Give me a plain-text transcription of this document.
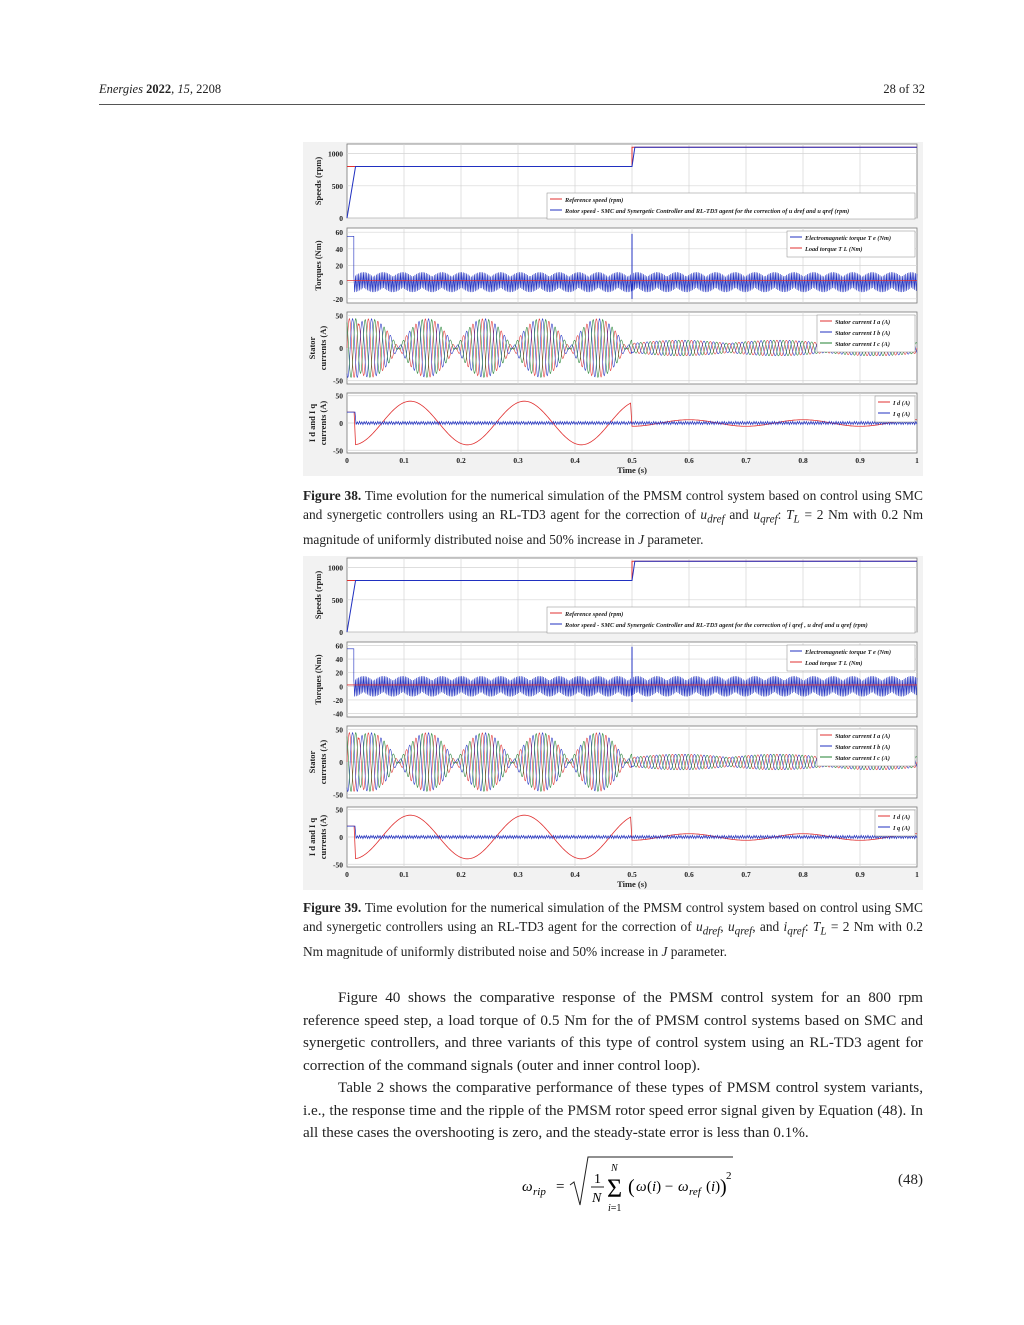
Energies 2022, 15, 2208	28 of 32
1000
500
0
Speeds (rpm)
60
40
20
0
-20
Torques (Nm)
50
0
-50
Stator currents (A)
50
0
-50
I d and I q currents (A)
Reference speed (rpm)
Rotor speed - SMC and Synergetic Controller and RL-TD3 agent for the correction of u dref and u qref (rpm)
Electromagnetic torque T e (Nm)
Load torque T L (Nm)
Stator current I a (A)
Stator current I b (A)
Stator current I c (A)
I d (A)
I q (A)
0	0.1	0.2	0.3	0.4	0.5	0.6	0.7	0.8	0.9	1
Time (s)
Figure 38. Time evolution for the numerical simulation of the PMSM control system based on control using SMC and synergetic controllers using an RL-TD3 agent for the correction of $u_{dref}$ and $u_{qref}$: $T_L = 2$ Nm with 0.2 Nm magnitude of uniformly distributed noise and 50% increase in J parameter.
1000
500
0
Speeds (rpm)
60
40
20
0
-20
-40
Torques (Nm)
50
0
-50
Stator currents (A)
50
0
-50
I d and I q currents (A)
Reference speed (rpm)
Rotor speed - SMC and Synergetic Controller and RL-TD3 agent for the correction of i qref , u dref and u qref (rpm)
Electromagnetic torque T e (Nm)
Load torque T L (Nm)
Stator current I a (A)
Stator current I b (A)
Stator current I c (A)
I d (A)
I q (A)
0	0.1	0.2	0.3	0.4	0.5	0.6	0.7	0.8	0.9	1
Time (s)
Figure 39. Time evolution for the numerical simulation of the PMSM control system based on control using SMC and synergetic controllers using an RL-TD3 agent for the correction of $u_{dref}$, $u_{qref}$, and $i_{qref}$: $T_L = 2$ Nm with 0.2 Nm magnitude of uniformly distributed noise and 50% increase in J parameter.

Figure 40 shows the comparative response of the PMSM control system for an 800 rpm reference speed step, a load torque of 0.5 Nm for the of PMSM control systems based on SMC and synergetic controllers, and three variants of this type of control system using an RL-TD3 agent for correction of the command signals (outer and inner control loop).

Table 2 shows the comparative performance of these types of PMSM control system variants, i.e., the response time and the ripple of the PMSM rotor speed error signal given by Equation (48). In all these cases the overshooting is zero, and the steady-state error is less than 0.1%.

ω rip = 1
N Σ
N
i=1
( ω (i) − ω ref (i) ) 2	(48)
